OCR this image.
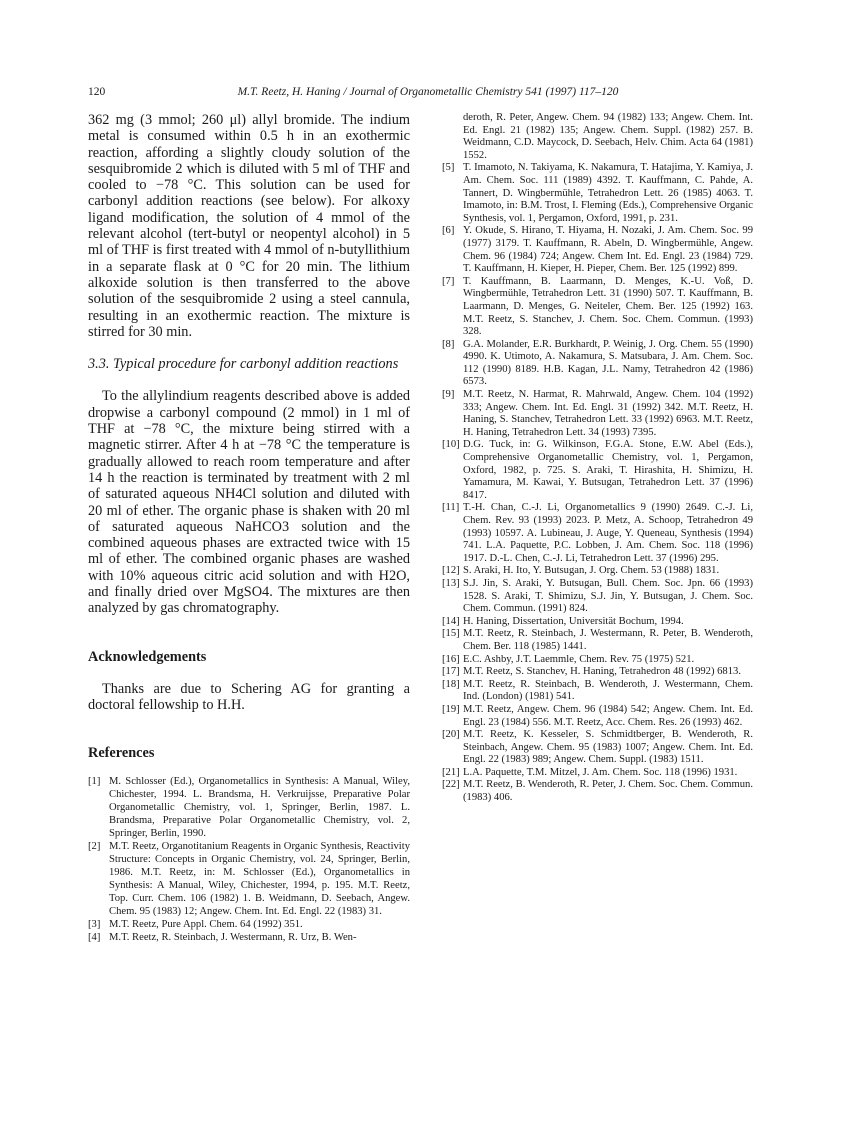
120	M.T. Reetz, H. Haning / Journal of Organometallic Chemistry 541 (1997) 117–120

362 mg (3 mmol; 260 μl) allyl bromide. The indium metal is consumed within 0.5 h in an exothermic reaction, affording a slightly cloudy solution of the sesquibromide 2 which is diluted with 5 ml of THF and cooled to −78 °C. This solution can be used for carbonyl addition reactions (see below). For alkoxy ligand modification, the solution of 4 mmol of the relevant alcohol (tert-butyl or neopentyl alcohol) in 5 ml of THF is first treated with 4 mmol of n-butyllithium in a separate flask at 0 °C for 20 min. The lithium alkoxide solution is then transferred to the above solution of the sesquibromide 2 using a steel cannula, resulting in an exothermic reaction. The mixture is stirred for 30 min.

3.3. Typical procedure for carbonyl addition reactions

To the allylindium reagents described above is added dropwise a carbonyl compound (2 mmol) in 1 ml of THF at −78 °C, the mixture being stirred with a magnetic stirrer. After 4 h at −78 °C the temperature is gradually allowed to reach room temperature and after 14 h the reaction is terminated by treatment with 2 ml of saturated aqueous NH4Cl solution and diluted with 20 ml of ether. The organic phase is shaken with 20 ml of saturated aqueous NaHCO3 solution and the combined aqueous phases are extracted twice with 15 ml of ether. The combined organic phases are washed with 10% aqueous citric acid solution and with H2O, and finally dried over MgSO4. The mixtures are then analyzed by gas chromatography.

Acknowledgements

Thanks are due to Schering AG for granting a doctoral fellowship to H.H.

References

[1] M. Schlosser (Ed.), Organometallics in Synthesis: A Manual, Wiley, Chichester, 1994. L. Brandsma, H. Verkruijsse, Preparative Polar Organometallic Chemistry, vol. 1, Springer, Berlin, 1987. L. Brandsma, Preparative Polar Organometallic Chemistry, vol. 2, Springer, Berlin, 1990.
[2] M.T. Reetz, Organotitanium Reagents in Organic Synthesis, Reactivity Structure: Concepts in Organic Chemistry, vol. 24, Springer, Berlin, 1986. M.T. Reetz, in: M. Schlosser (Ed.), Organometallics in Synthesis: A Manual, Wiley, Chichester, 1994, p. 195. M.T. Reetz, Top. Curr. Chem. 106 (1982) 1. B. Weidmann, D. Seebach, Angew. Chem. 95 (1983) 12; Angew. Chem. Int. Ed. Engl. 22 (1983) 31.
[3] M.T. Reetz, Pure Appl. Chem. 64 (1992) 351.
[4] M.T. Reetz, R. Steinbach, J. Westermann, R. Urz, B. Wen-
deroth, R. Peter, Angew. Chem. 94 (1982) 133; Angew. Chem. Int. Ed. Engl. 21 (1982) 135; Angew. Chem. Suppl. (1982) 257. B. Weidmann, C.D. Maycock, D. Seebach, Helv. Chim. Acta 64 (1981) 1552.
[5] T. Imamoto, N. Takiyama, K. Nakamura, T. Hatajima, Y. Kamiya, J. Am. Chem. Soc. 111 (1989) 4392. T. Kauffmann, C. Pahde, A. Tannert, D. Wingbermühle, Tetrahedron Lett. 26 (1985) 4063. T. Imamoto, in: B.M. Trost, I. Fleming (Eds.), Comprehensive Organic Synthesis, vol. 1, Pergamon, Oxford, 1991, p. 231.
[6] Y. Okude, S. Hirano, T. Hiyama, H. Nozaki, J. Am. Chem. Soc. 99 (1977) 3179. T. Kauffmann, R. Abeln, D. Wingbermühle, Angew. Chem. 96 (1984) 724; Angew. Chem Int. Ed. Engl. 23 (1984) 729. T. Kauffmann, H. Kieper, H. Pieper, Chem. Ber. 125 (1992) 899.
[7] T. Kauffmann, B. Laarmann, D. Menges, K.-U. Voß, D. Wingbermühle, Tetrahedron Lett. 31 (1990) 507. T. Kauffmann, B. Laarmann, D. Menges, G. Neiteler, Chem. Ber. 125 (1992) 163. M.T. Reetz, S. Stanchev, J. Chem. Soc. Chem. Commun. (1993) 328.
[8] G.A. Molander, E.R. Burkhardt, P. Weinig, J. Org. Chem. 55 (1990) 4990. K. Utimoto, A. Nakamura, S. Matsubara, J. Am. Chem. Soc. 112 (1990) 8189. H.B. Kagan, J.L. Namy, Tetrahedron 42 (1986) 6573.
[9] M.T. Reetz, N. Harmat, R. Mahrwald, Angew. Chem. 104 (1992) 333; Angew. Chem. Int. Ed. Engl. 31 (1992) 342. M.T. Reetz, H. Haning, S. Stanchev, Tetrahedron Lett. 33 (1992) 6963. M.T. Reetz, H. Haning, Tetrahedron Lett. 34 (1993) 7395.
[10] D.G. Tuck, in: G. Wilkinson, F.G.A. Stone, E.W. Abel (Eds.), Comprehensive Organometallic Chemistry, vol. 1, Pergamon, Oxford, 1982, p. 725. S. Araki, T. Hirashita, H. Shimizu, H. Yamamura, M. Kawai, Y. Butsugan, Tetrahedron Lett. 37 (1996) 8417.
[11] T.-H. Chan, C.-J. Li, Organometallics 9 (1990) 2649. C.-J. Li, Chem. Rev. 93 (1993) 2023. P. Metz, A. Schoop, Tetrahedron 49 (1993) 10597. A. Lubineau, J. Auge, Y. Queneau, Synthesis (1994) 741. L.A. Paquette, P.C. Lobben, J. Am. Chem. Soc. 118 (1996) 1917. D.-L. Chen, C.-J. Li, Tetrahedron Lett. 37 (1996) 295.
[12] S. Araki, H. Ito, Y. Butsugan, J. Org. Chem. 53 (1988) 1831.
[13] S.J. Jin, S. Araki, Y. Butsugan, Bull. Chem. Soc. Jpn. 66 (1993) 1528. S. Araki, T. Shimizu, S.J. Jin, Y. Butsugan, J. Chem. Soc. Chem. Commun. (1991) 824.
[14] H. Haning, Dissertation, Universität Bochum, 1994.
[15] M.T. Reetz, R. Steinbach, J. Westermann, R. Peter, B. Wenderoth, Chem. Ber. 118 (1985) 1441.
[16] E.C. Ashby, J.T. Laemmle, Chem. Rev. 75 (1975) 521.
[17] M.T. Reetz, S. Stanchev, H. Haning, Tetrahedron 48 (1992) 6813.
[18] M.T. Reetz, R. Steinbach, B. Wenderoth, J. Westermann, Chem. Ind. (London) (1981) 541.
[19] M.T. Reetz, Angew. Chem. 96 (1984) 542; Angew. Chem. Int. Ed. Engl. 23 (1984) 556. M.T. Reetz, Acc. Chem. Res. 26 (1993) 462.
[20] M.T. Reetz, K. Kesseler, S. Schmidtberger, B. Wenderoth, R. Steinbach, Angew. Chem. 95 (1983) 1007; Angew. Chem. Int. Ed. Engl. 22 (1983) 989; Angew. Chem. Suppl. (1983) 1511.
[21] L.A. Paquette, T.M. Mitzel, J. Am. Chem. Soc. 118 (1996) 1931.
[22] M.T. Reetz, B. Wenderoth, R. Peter, J. Chem. Soc. Chem. Commun. (1983) 406.
